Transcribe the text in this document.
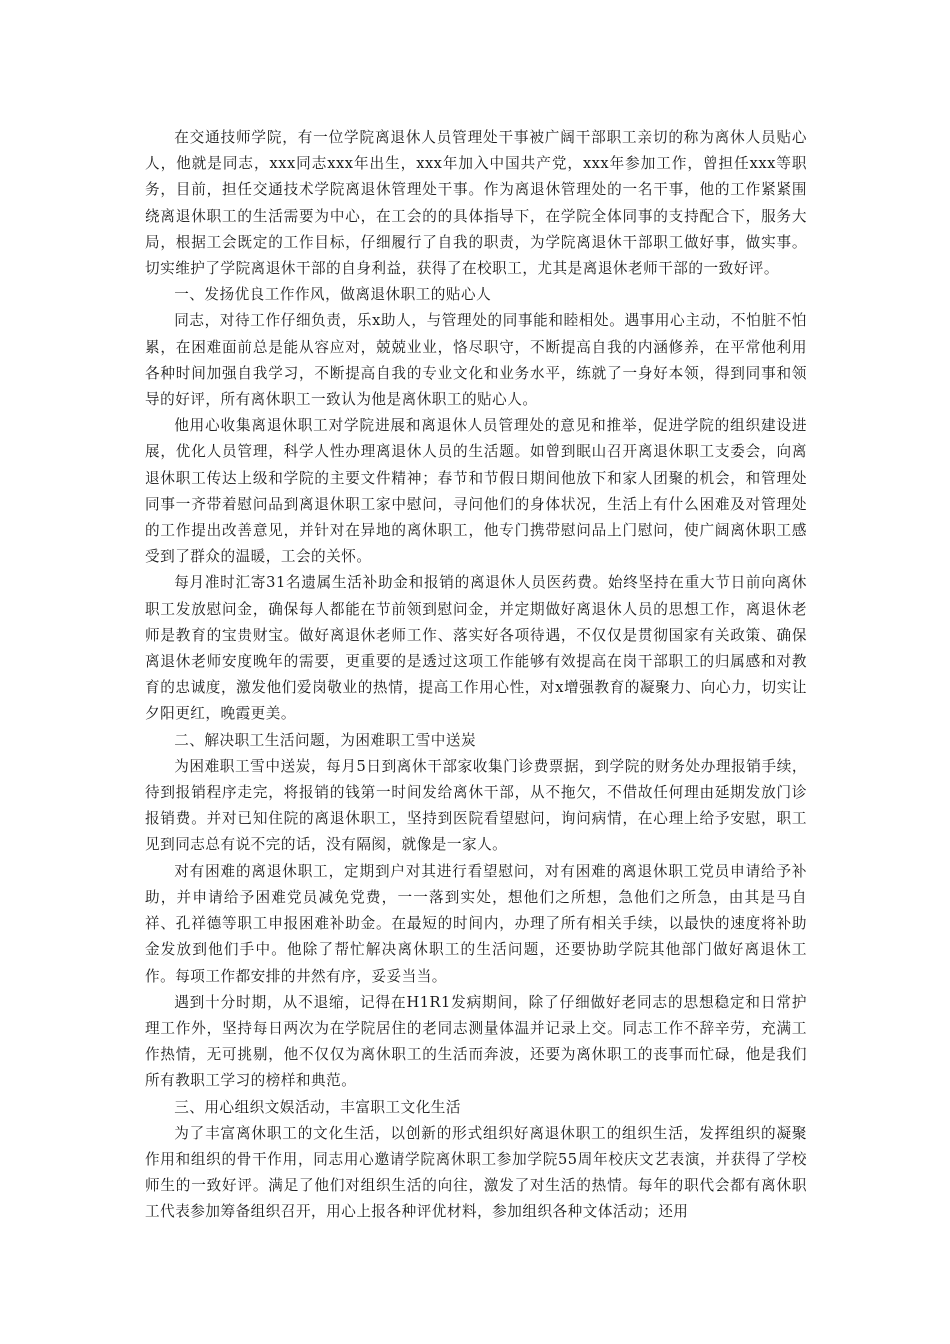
在交通技师学院，有一位学院离退休人员管理处干事被广阔干部职工亲切的称为离休人员贴心人，他就是同志，xxx同志xxx年出生，xxx年加入中国共产党，xxx年参加工作，曾担任xxx等职务，目前，担任交通技术学院离退休管理处干事。作为离退休管理处的一名干事，他的工作紧紧围绕离退休职工的生活需要为中心，在工会的的具体指导下，在学院全体同事的支持配合下，服务大局，根据工会既定的工作目标，仔细履行了自我的职责，为学院离退休干部职工做好事，做实事。切实维护了学院离退休干部的自身利益，获得了在校职工，尤其是离退休老师干部的一致好评。

一、发扬优良工作作风，做离退休职工的贴心人

同志，对待工作仔细负责，乐x助人，与管理处的同事能和睦相处。遇事用心主动，不怕脏不怕累，在困难面前总是能从容应对，兢兢业业，恪尽职守，不断提高自我的内涵修养，在平常他利用各种时间加强自我学习，不断提高自我的专业文化和业务水平，练就了一身好本领，得到同事和领导的好评，所有离休职工一致认为他是离休职工的贴心人。

他用心收集离退休职工对学院进展和离退休人员管理处的意见和推举，促进学院的组织建设进展，优化人员管理，科学人性办理离退休人员的生活题。如曾到眠山召开离退休职工支委会，向离退休职工传达上级和学院的主要文件精神；春节和节假日期间他放下和家人团聚的机会，和管理处同事一齐带着慰问品到离退休职工家中慰问，寻问他们的身体状况，生活上有什么困难及对管理处的工作提出改善意见，并针对在异地的离休职工，他专门携带慰问品上门慰问，使广阔离休职工感受到了群众的温暖，工会的关怀。

每月准时汇寄31名遗属生活补助金和报销的离退休人员医药费。始终坚持在重大节日前向离休职工发放慰问金，确保每人都能在节前领到慰问金，并定期做好离退休人员的思想工作，离退休老师是教育的宝贵财宝。做好离退休老师工作、落实好各项待遇，不仅仅是贯彻国家有关政策、确保离退休老师安度晚年的需要，更重要的是透过这项工作能够有效提高在岗干部职工的归属感和对教育的忠诚度，激发他们爱岗敬业的热情，提高工作用心性，对x增强教育的凝聚力、向心力，切实让夕阳更红，晚霞更美。

二、解决职工生活问题，为困难职工雪中送炭

为困难职工雪中送炭，每月5日到离休干部家收集门诊费票据，到学院的财务处办理报销手续，待到报销程序走完，将报销的钱第一时间发给离休干部，从不拖欠，不借故任何理由延期发放门诊报销费。并对已知住院的离退休职工，坚持到医院看望慰问，询问病情，在心理上给予安慰，职工见到同志总有说不完的话，没有隔阂，就像是一家人。

对有困难的离退休职工，定期到户对其进行看望慰问，对有困难的离退休职工党员申请给予补助，并申请给予困难党员减免党费，一一落到实处，想他们之所想，急他们之所急，由其是马自祥、孔祥德等职工申报困难补助金。在最短的时间内，办理了所有相关手续，以最快的速度将补助金发放到他们手中。他除了帮忙解决离休职工的生活问题，还要协助学院其他部门做好离退休工作。每项工作都安排的井然有序，妥妥当当。

遇到十分时期，从不退缩，记得在H1R1发病期间，除了仔细做好老同志的思想稳定和日常护理工作外，坚持每日两次为在学院居住的老同志测量体温并记录上交。同志工作不辞辛劳，充满工作热情，无可挑剔，他不仅仅为离休职工的生活而奔波，还要为离休职工的丧事而忙碌，他是我们所有教职工学习的榜样和典范。

三、用心组织文娱活动，丰富职工文化生活

为了丰富离休职工的文化生活，以创新的形式组织好离退休职工的组织生活，发挥组织的凝聚作用和组织的骨干作用，同志用心邀请学院离休职工参加学院55周年校庆文艺表演，并获得了学校师生的一致好评。满足了他们对组织生活的向往，激发了对生活的热情。每年的职代会都有离休职工代表参加筹备组织召开，用心上报各种评优材料，参加组织各种文体活动；还用
